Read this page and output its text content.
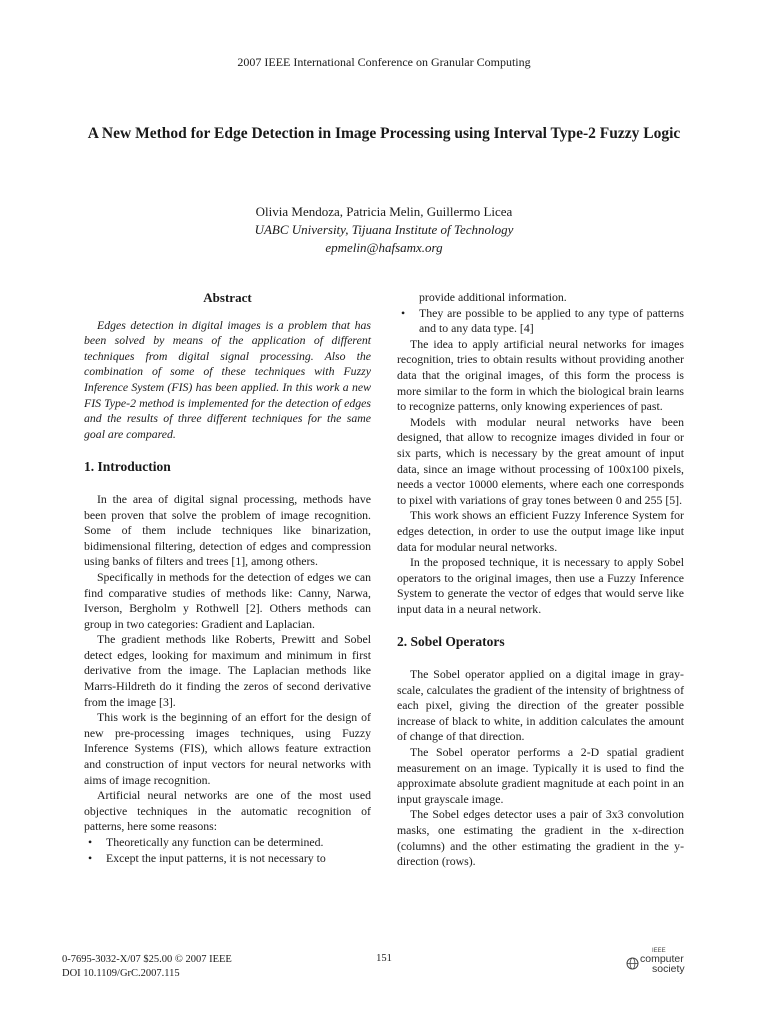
2007 IEEE International Conference on Granular Computing
A New Method for Edge Detection in Image Processing using Interval Type-2 Fuzzy Logic
Olivia Mendoza, Patricia Melin, Guillermo Licea
UABC University, Tijuana Institute of Technology
epmelin@hafsamx.org
Abstract

Edges detection in digital images is a problem that has been solved by means of the application of different techniques from digital signal processing. Also the combination of some of these techniques with Fuzzy Inference System (FIS) has been applied. In this work a new FIS Type-2 method is implemented for the detection of edges and the results of three different techniques for the same goal are compared.

1. Introduction

In the area of digital signal processing, methods have been proven that solve the problem of image recognition. Some of them include techniques like binarization, bidimensional filtering, detection of edges and compression using banks of filters and trees [1], among others.

Specifically in methods for the detection of edges we can find comparative studies of methods like: Canny, Narwa, Iverson, Bergholm y Rothwell [2]. Others methods can group in two categories: Gradient and Laplacian.

The gradient methods like Roberts, Prewitt and Sobel detect edges, looking for maximum and minimum in first derivative from the image. The Laplacian methods like Marrs-Hildreth do it finding the zeros of second derivative from the image [3].

This work is the beginning of an effort for the design of new pre-processing images techniques, using Fuzzy Inference Systems (FIS), which allows feature extraction and construction of input vectors for neural networks with aims of image recognition.

Artificial neural networks are one of the most used objective techniques in the automatic recognition of patterns, here some reasons:

• Theoretically any function can be determined.
• Except the input patterns, it is not necessary to
provide additional information.
• They are possible to be applied to any type of patterns and to any data type. [4]

The idea to apply artificial neural networks for images recognition, tries to obtain results without providing another data that the original images, of this form the process is more similar to the form in which the biological brain learns to recognize patterns, only knowing experiences of past.

Models with modular neural networks have been designed, that allow to recognize images divided in four or six parts, which is necessary by the great amount of input data, since an image without processing of 100x100 pixels, needs a vector 10000 elements, where each one corresponds to pixel with variations of gray tones between 0 and 255 [5].

This work shows an efficient Fuzzy Inference System for edges detection, in order to use the output image like input data for modular neural networks.

In the proposed technique, it is necessary to apply Sobel operators to the original images, then use a Fuzzy Inference System to generate the vector of edges that would serve like input data in a neural network.

2. Sobel Operators

The Sobel operator applied on a digital image in gray-scale, calculates the gradient of the intensity of brightness of each pixel, giving the direction of the greater possible increase of black to white, in addition calculates the amount of change of that direction.

The Sobel operator performs a 2-D spatial gradient measurement on an image. Typically it is used to find the approximate absolute gradient magnitude at each point in an input grayscale image.

The Sobel edges detector uses a pair of 3x3 convolution masks, one estimating the gradient in the x-direction (columns) and the other estimating the gradient in the y-direction (rows).

0-7695-3032-X/07 $25.00 © 2007 IEEE
DOI 10.1109/GrC.2007.115
151
IEEE
computer
society
